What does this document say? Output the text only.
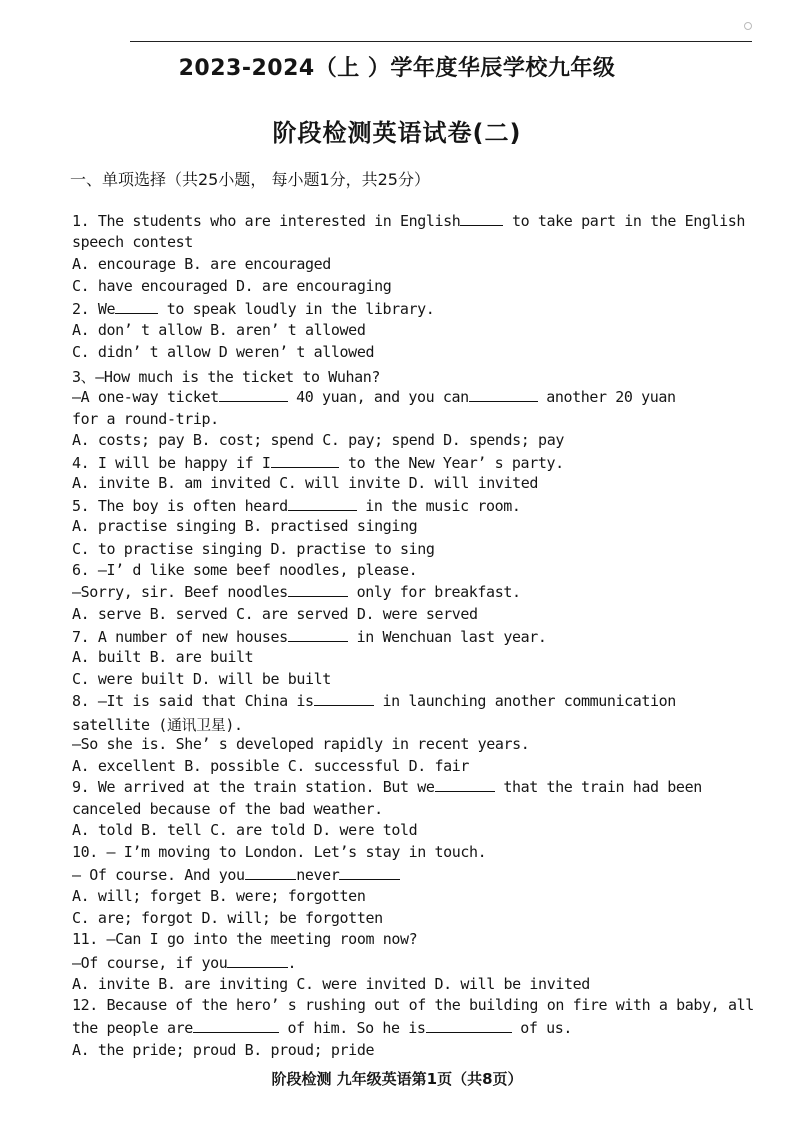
2023-2024（上 ）学年度华辰学校九年级
阶段检测英语试卷(二)
一、单项选择（共25小题， 每小题1分，共25分）
1. The students who are interested in English	to take part in the English
speech contest
A. encourage B. are encouraged
C. have encouraged D. are encouraging
2. We	to speak loudly in the library.
A. don’ t allow B. aren’ t allowed
C. didn’ t allow D weren’ t allowed
3、—How much is the ticket to Wuhan?
—A one-way ticket	40 yuan, and you can	another 20 yuan
for a round-trip.
A. costs; pay B. cost; spend C. pay; spend D. spends; pay
4. I will be happy if I	to the New Year’ s party.
A. invite B. am invited C. will invite D. will invited
5. The boy is often heard	in the music room.
A. practise singing B. practised singing
C. to practise singing D. practise to sing
6. —I’ d like some beef noodles, please.
—Sorry, sir. Beef noodles	only for breakfast.
A. serve B. served C. are served D. were served
7. A number of new houses	in Wenchuan last year.
A. built B. are built
C. were built D. will be built
8. —It is said that China is	in launching another communication
satellite (通讯卫星).
—So she is. She’ s developed rapidly in recent years.
A. excellent B. possible C. successful D. fair
9. We arrived at the train station. But we	that the train had been
canceled because of the bad weather.
A. told B. tell C. are told D. were told
10. — I’m moving to London. Let’s stay in touch.
— Of course. And you	never
A. will; forget B. were; forgotten
C. are; forgot D. will; be forgotten
11. —Can I go into the meeting room now?
—Of course, if you	.
A. invite B. are inviting C. were invited D. will be invited
12. Because of the hero’ s rushing out of the building on fire with a baby, all
the people are	of him. So he is	of us.
A. the pride; proud B. proud; pride
阶段检测 九年级英语第1页（共8页）
